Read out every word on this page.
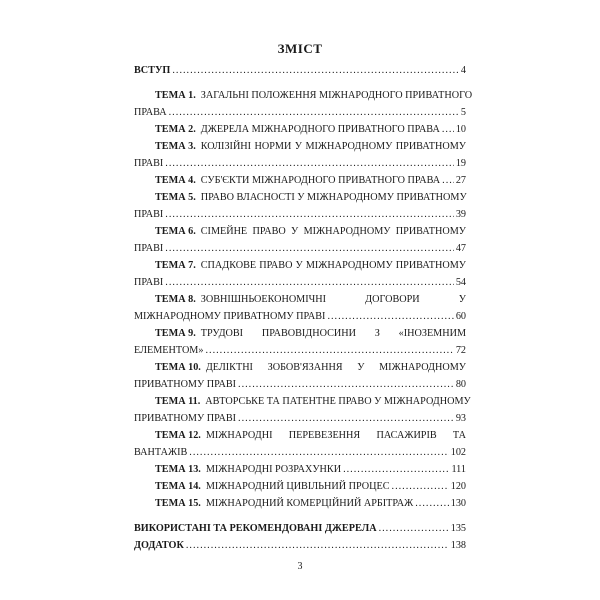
ЗМІСТ
ВСТУП .....	4
ТЕМА 1. ЗАГАЛЬНІ ПОЛОЖЕННЯ МІЖНАРОДНОГО ПРИВАТНОГО
ПРАВА .....	5
ТЕМА 2. ДЖЕРЕЛА МІЖНАРОДНОГО ПРИВАТНОГО ПРАВА ..... 10
ТЕМА 3. КОЛІЗІЙНІ НОРМИ У МІЖНАРОДНОМУ ПРИВАТНОМУ
ПРАВІ .....	19
ТЕМА 4. СУБ'ЄКТИ МІЖНАРОДНОГО ПРИВАТНОГО ПРАВА ..... 27
ТЕМА 5. ПРАВО ВЛАСНОСТІ У МІЖНАРОДНОМУ ПРИВАТНОМУ
ПРАВІ .....	39
ТЕМА 6. СІМЕЙНЕ ПРАВО У МІЖНАРОДНОМУ ПРИВАТНОМУ
ПРАВІ .....	47
ТЕМА 7. СПАДКОВЕ ПРАВО У МІЖНАРОДНОМУ ПРИВАТНОМУ
ПРАВІ .....	54
ТЕМА 8. ЗОВНІШНЬОЕКОНОМІЧНІ ДОГОВОРИ У
МІЖНАРОДНОМУ ПРИВАТНОМУ ПРАВІ .....	60
ТЕМА 9. ТРУДОВІ ПРАВОВІДНОСИНИ З «ІНОЗЕМНИМ
ЕЛЕМЕНТОМ» .....	72
ТЕМА 10. ДЕЛІКТНІ ЗОБОВ'ЯЗАННЯ У МІЖНАРОДНОМУ
ПРИВАТНОМУ ПРАВІ .....	80
ТЕМА 11. АВТОРСЬКЕ ТА ПАТЕНТНЕ ПРАВО У МІЖНАРОДНОМУ
ПРИВАТНОМУ ПРАВІ .....	93
ТЕМА 12. МІЖНАРОДНІ ПЕРЕВЕЗЕННЯ ПАСАЖИРІВ ТА
ВАНТАЖІВ .....	102
ТЕМА 13. МІЖНАРОДНІ РОЗРАХУНКИ .....	111
ТЕМА 14. МІЖНАРОДНИЙ ЦИВІЛЬНИЙ ПРОЦЕС .....	120
ТЕМА 15. МІЖНАРОДНИЙ КОМЕРЦІЙНИЙ АРБІТРАЖ .....	130
ВИКОРИСТАНІ ТА РЕКОМЕНДОВАНІ ДЖЕРЕЛА .....	135
ДОДАТОК .....	138
3
